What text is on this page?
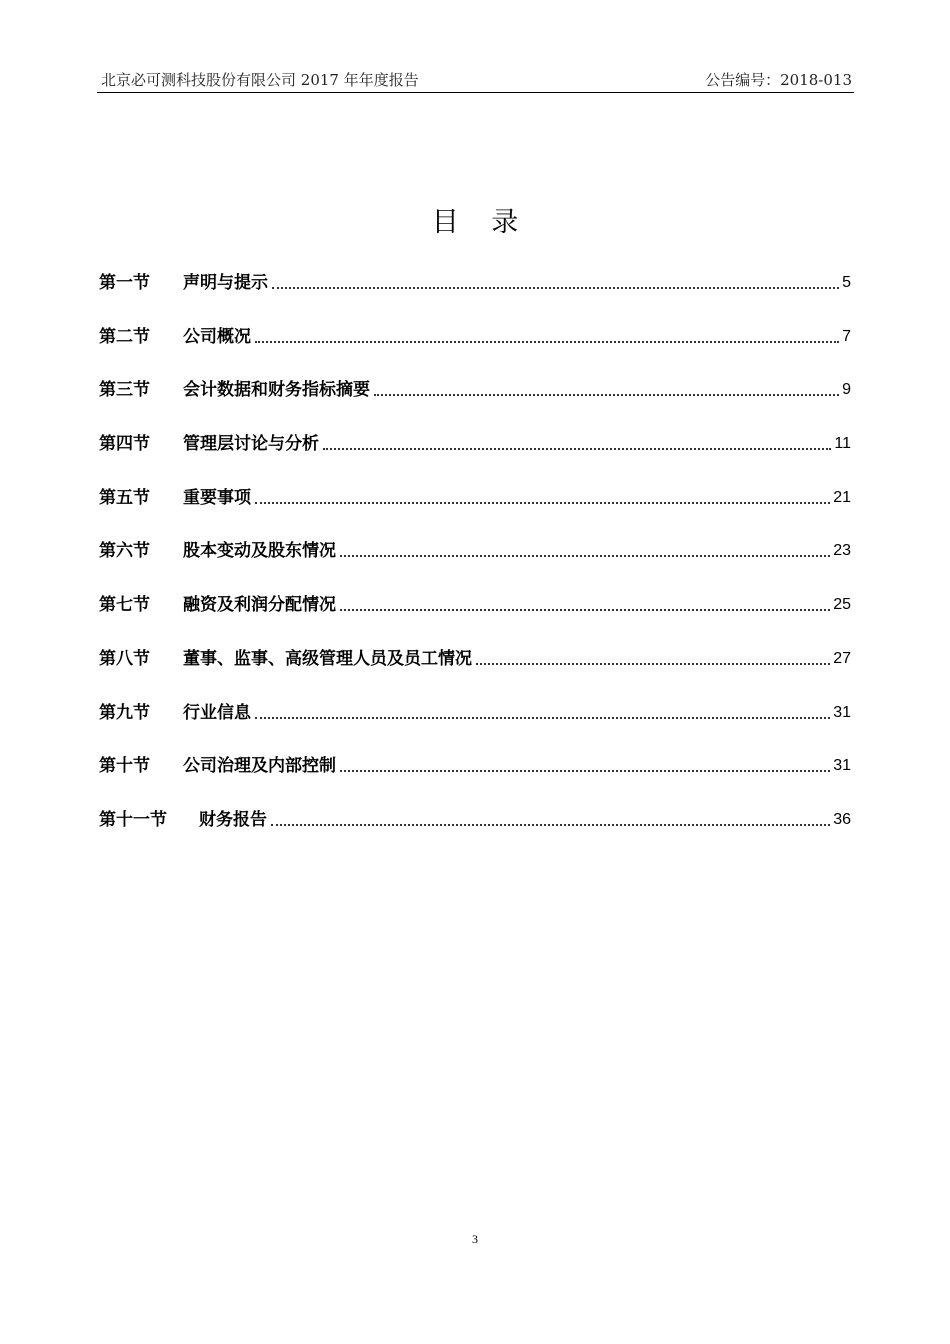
北京必可测科技股份有限公司 2017 年年度报告	公告编号：2018-013
目 录
第一节	声明与提示	5
第二节	公司概况	7
第三节	会计数据和财务指标摘要	9
第四节	管理层讨论与分析	11
第五节	重要事项	21
第六节	股本变动及股东情况	23
第七节	融资及利润分配情况	25
第八节	董事、监事、高级管理人员及员工情况	27
第九节	行业信息	31
第十节	公司治理及内部控制	31
第十一节	财务报告	36
3
